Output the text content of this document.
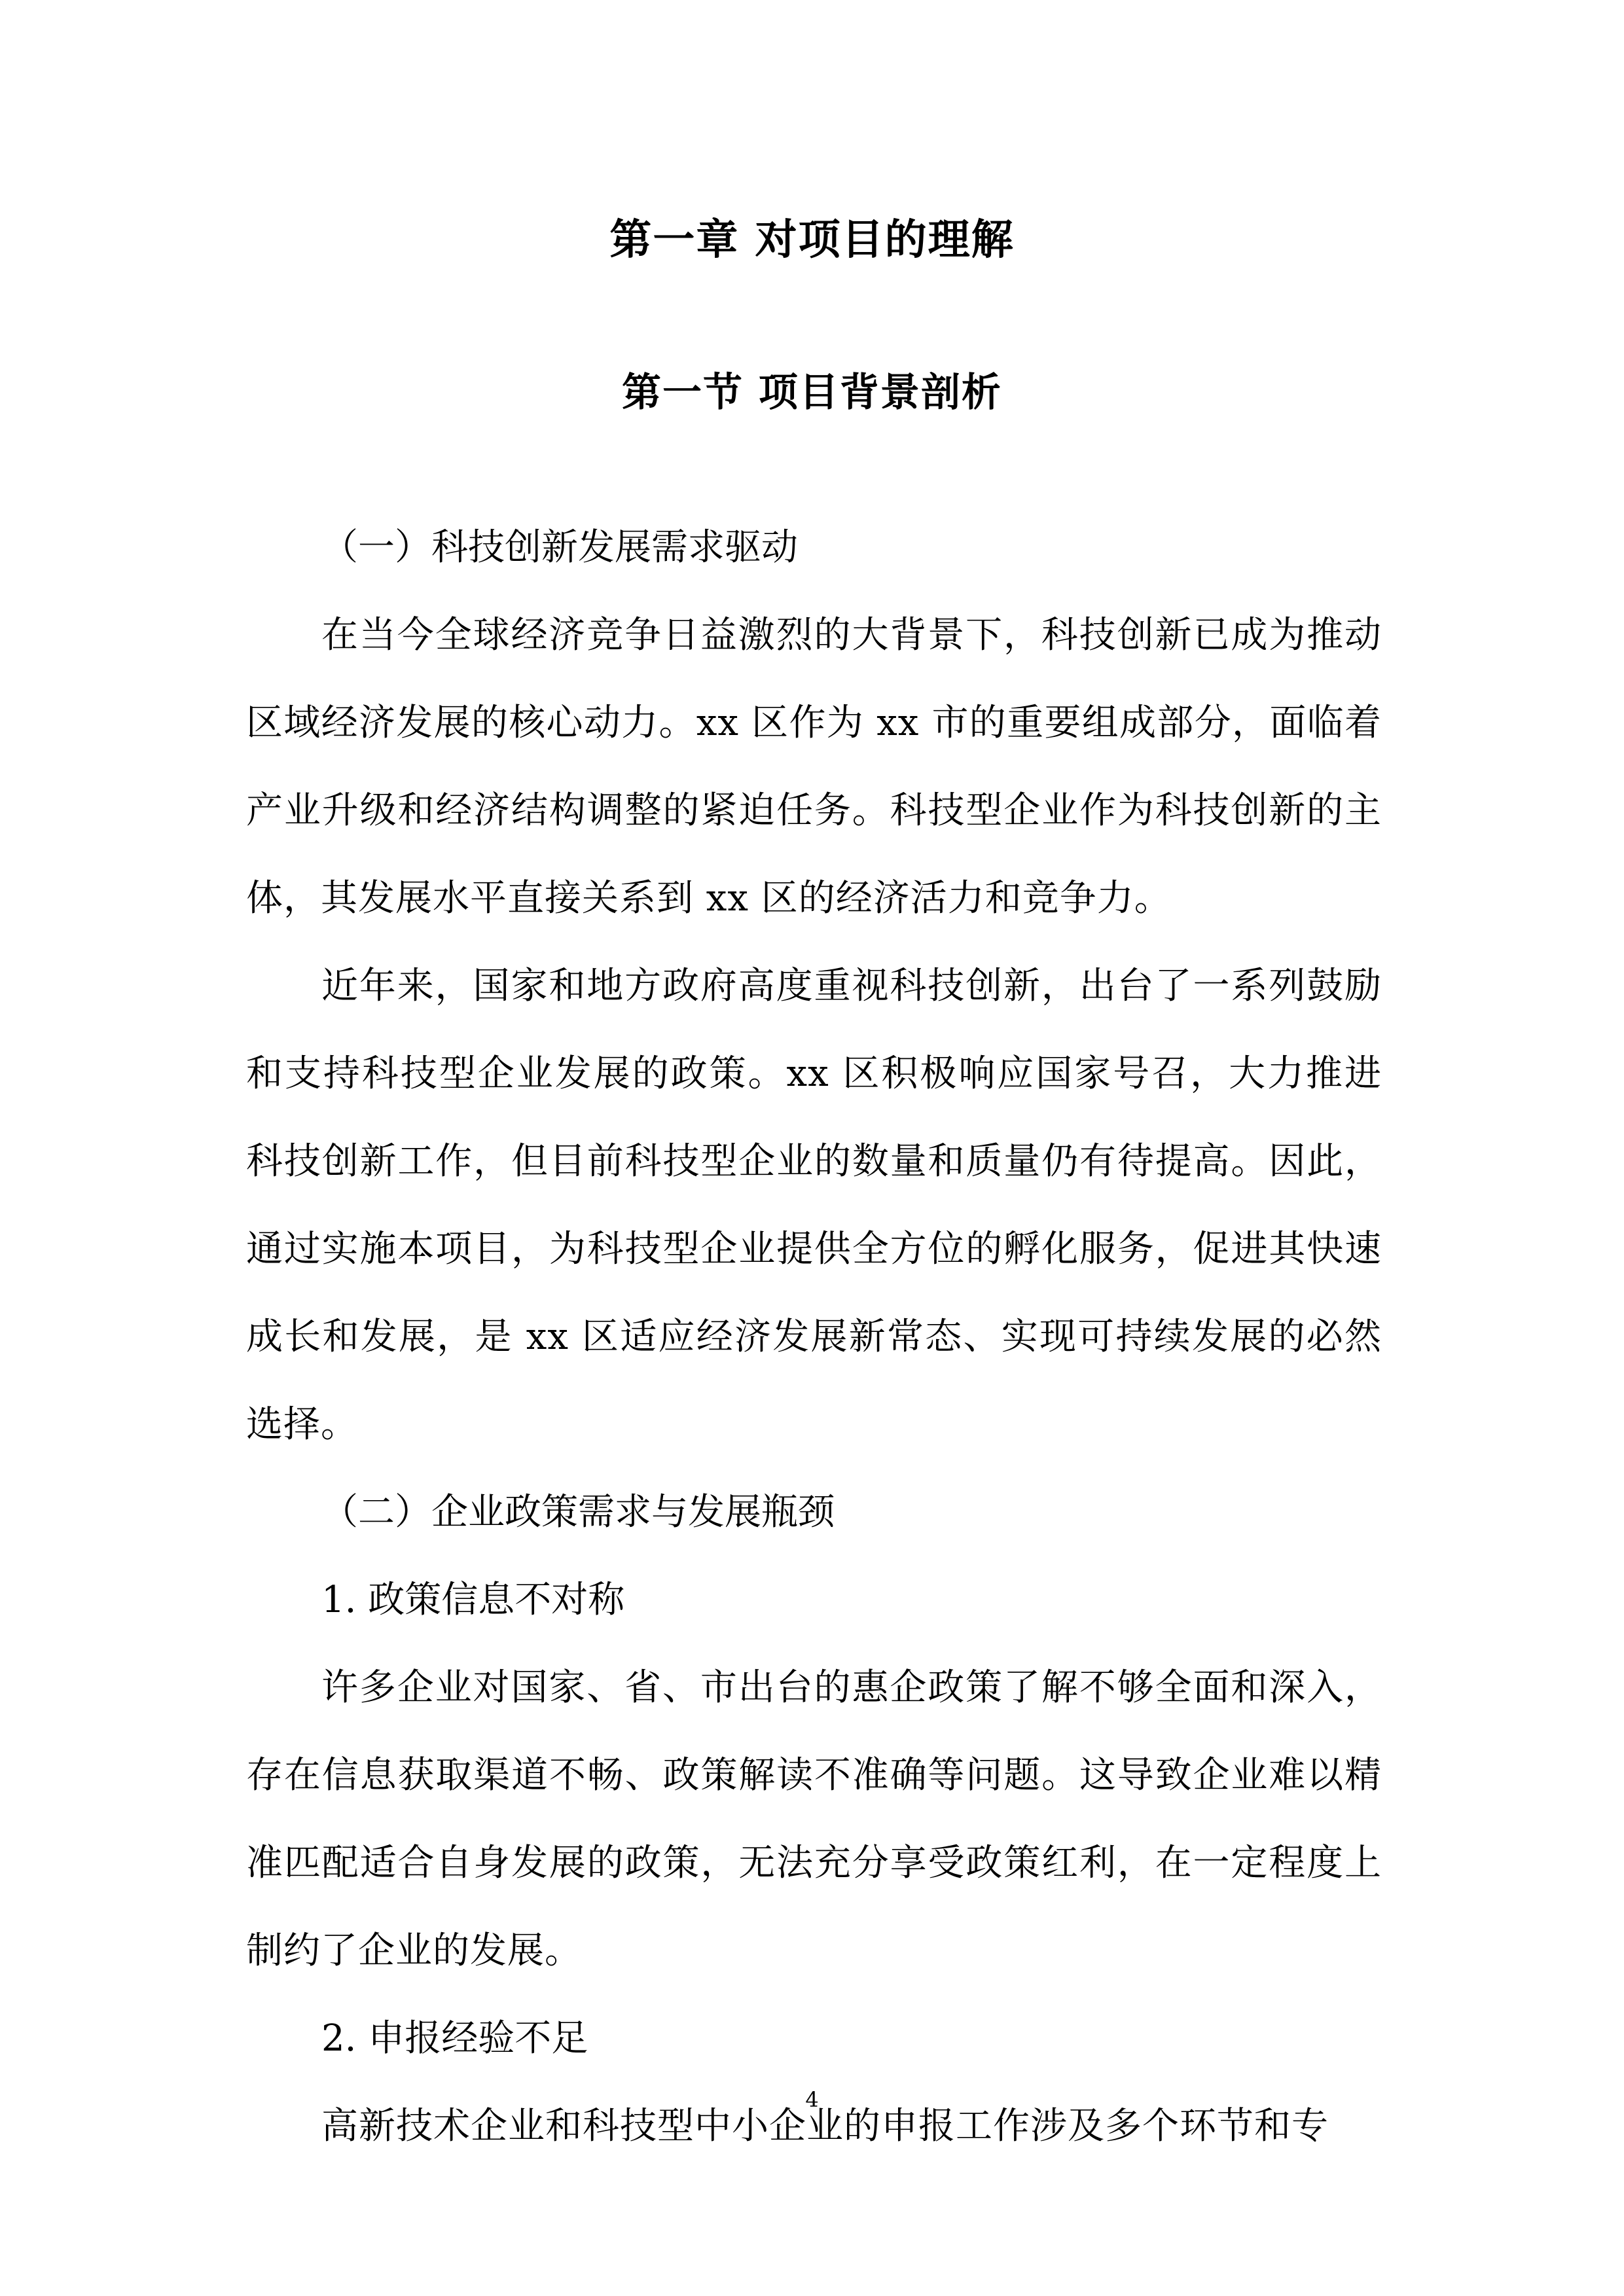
第一章 对项目的理解
第一节 项目背景剖析

（一）科技创新发展需求驱动

在当今全球经济竞争日益激烈的大背景下，科技创新已成为推动区域经济发展的核心动力。xx 区作为 xx 市的重要组成部分，面临着产业升级和经济结构调整的紧迫任务。科技型企业作为科技创新的主体，其发展水平直接关系到 xx 区的经济活力和竞争力。

近年来，国家和地方政府高度重视科技创新，出台了一系列鼓励和支持科技型企业发展的政策。xx 区积极响应国家号召，大力推进科技创新工作，但目前科技型企业的数量和质量仍有待提高。因此，通过实施本项目，为科技型企业提供全方位的孵化服务，促进其快速成长和发展，是 xx 区适应经济发展新常态、实现可持续发展的必然选择。

（二）企业政策需求与发展瓶颈

1. 政策信息不对称

许多企业对国家、省、市出台的惠企政策了解不够全面和深入，存在信息获取渠道不畅、政策解读不准确等问题。这导致企业难以精准匹配适合自身发展的政策，无法充分享受政策红利，在一定程度上制约了企业的发展。

2. 申报经验不足

高新技术企业和科技型中小企业的申报工作涉及多个环节和专

4
